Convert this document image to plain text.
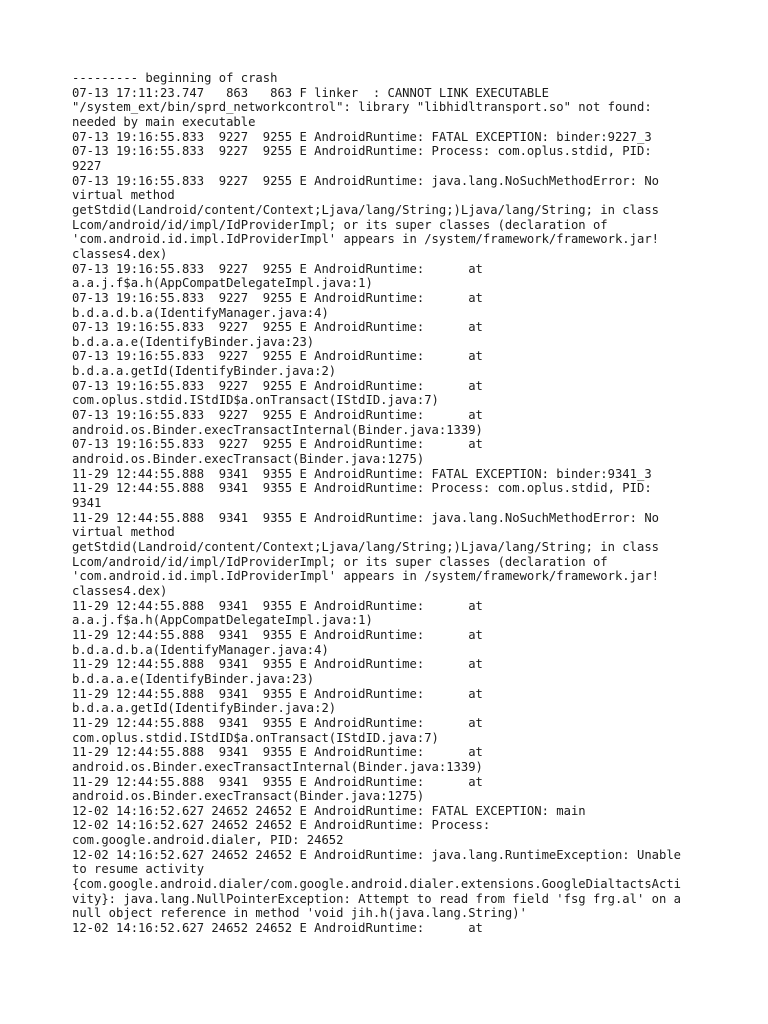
--------- beginning of crash
07-13 17:11:23.747   863   863 F linker  : CANNOT LINK EXECUTABLE
"/system_ext/bin/sprd_networkcontrol": library "libhidltransport.so" not found:
needed by main executable
07-13 19:16:55.833  9227  9255 E AndroidRuntime: FATAL EXCEPTION: binder:9227_3
07-13 19:16:55.833  9227  9255 E AndroidRuntime: Process: com.oplus.stdid, PID:
9227
07-13 19:16:55.833  9227  9255 E AndroidRuntime: java.lang.NoSuchMethodError: No
virtual method
getStdid(Landroid/content/Context;Ljava/lang/String;)Ljava/lang/String; in class
Lcom/android/id/impl/IdProviderImpl; or its super classes (declaration of
'com.android.id.impl.IdProviderImpl' appears in /system/framework/framework.jar!
classes4.dex)
07-13 19:16:55.833  9227  9255 E AndroidRuntime:      at
a.a.j.f$a.h(AppCompatDelegateImpl.java:1)
07-13 19:16:55.833  9227  9255 E AndroidRuntime:      at
b.d.a.d.b.a(IdentifyManager.java:4)
07-13 19:16:55.833  9227  9255 E AndroidRuntime:      at
b.d.a.a.e(IdentifyBinder.java:23)
07-13 19:16:55.833  9227  9255 E AndroidRuntime:      at
b.d.a.a.getId(IdentifyBinder.java:2)
07-13 19:16:55.833  9227  9255 E AndroidRuntime:      at
com.oplus.stdid.IStdID$a.onTransact(IStdID.java:7)
07-13 19:16:55.833  9227  9255 E AndroidRuntime:      at
android.os.Binder.execTransactInternal(Binder.java:1339)
07-13 19:16:55.833  9227  9255 E AndroidRuntime:      at
android.os.Binder.execTransact(Binder.java:1275)
11-29 12:44:55.888  9341  9355 E AndroidRuntime: FATAL EXCEPTION: binder:9341_3
11-29 12:44:55.888  9341  9355 E AndroidRuntime: Process: com.oplus.stdid, PID:
9341
11-29 12:44:55.888  9341  9355 E AndroidRuntime: java.lang.NoSuchMethodError: No
virtual method
getStdid(Landroid/content/Context;Ljava/lang/String;)Ljava/lang/String; in class
Lcom/android/id/impl/IdProviderImpl; or its super classes (declaration of
'com.android.id.impl.IdProviderImpl' appears in /system/framework/framework.jar!
classes4.dex)
11-29 12:44:55.888  9341  9355 E AndroidRuntime:      at
a.a.j.f$a.h(AppCompatDelegateImpl.java:1)
11-29 12:44:55.888  9341  9355 E AndroidRuntime:      at
b.d.a.d.b.a(IdentifyManager.java:4)
11-29 12:44:55.888  9341  9355 E AndroidRuntime:      at
b.d.a.a.e(IdentifyBinder.java:23)
11-29 12:44:55.888  9341  9355 E AndroidRuntime:      at
b.d.a.a.getId(IdentifyBinder.java:2)
11-29 12:44:55.888  9341  9355 E AndroidRuntime:      at
com.oplus.stdid.IStdID$a.onTransact(IStdID.java:7)
11-29 12:44:55.888  9341  9355 E AndroidRuntime:      at
android.os.Binder.execTransactInternal(Binder.java:1339)
11-29 12:44:55.888  9341  9355 E AndroidRuntime:      at
android.os.Binder.execTransact(Binder.java:1275)
12-02 14:16:52.627 24652 24652 E AndroidRuntime: FATAL EXCEPTION: main
12-02 14:16:52.627 24652 24652 E AndroidRuntime: Process:
com.google.android.dialer, PID: 24652
12-02 14:16:52.627 24652 24652 E AndroidRuntime: java.lang.RuntimeException: Unable
to resume activity
{com.google.android.dialer/com.google.android.dialer.extensions.GoogleDialtactsActi
vity}: java.lang.NullPointerException: Attempt to read from field 'fsg frg.al' on a
null object reference in method 'void jih.h(java.lang.String)'
12-02 14:16:52.627 24652 24652 E AndroidRuntime:      at
